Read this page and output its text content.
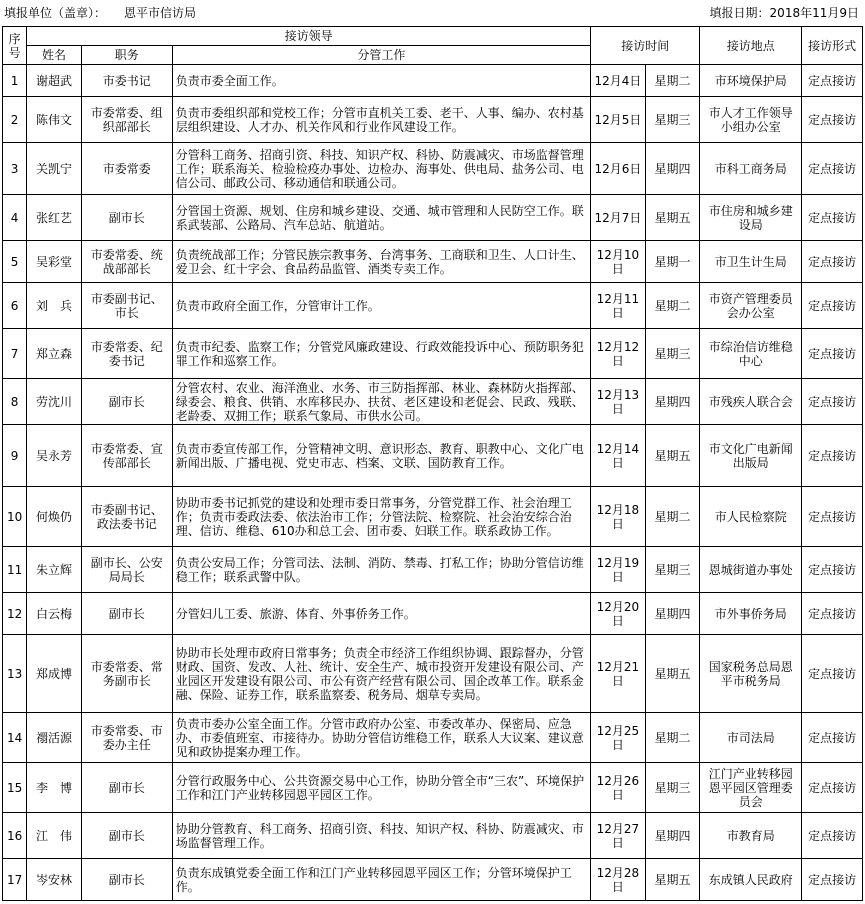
填报单位（盖章）： 恩平市信访局	填报日期：2018年11月9日
序号	接访领导			接访时间		接访地点	接访形式
	姓名	职务	分管工作				
1	谢超武	市委书记	负责市委全面工作。	12月4日	星期二	市环境保护局	定点接访
2	陈伟文	市委常委、组织部部长	负责市委组织部和党校工作；分管市直机关工委、老干、人事、编办、农村基层组织建设、人才办、机关作风和行业作风建设工作。	12月5日	星期三	市人才工作领导小组办公室	定点接访
3	关凯宁	市委常委	分管科工商务、招商引资、科技、知识产权、科协、防震减灾、市场监督管理工作；联系海关、检验检疫办事处、边检办、海事处、供电局、盐务公司、电信公司、邮政公司、移动通信和联通公司。	12月6日	星期四	市科工商务局	定点接访
4	张红艺	副市长	分管国土资源、规划、住房和城乡建设、交通、城市管理和人民防空工作。联系武装部、公路局、汽车总站、航道站。	12月7日	星期五	市住房和城乡建设局	定点接访
5	吴彩堂	市委常委、统战部部长	负责统战部工作；分管民族宗教事务、台湾事务、工商联和卫生、人口计生、爱卫会、红十字会、食品药品监管、酒类专卖工作。	12月10日	星期一	市卫生计生局	定点接访
6	刘　兵	市委副书记、市长	负责市政府全面工作，分管审计工作。	12月11日	星期二	市资产管理委员会办公室	定点接访
7	郑立森	市委常委、纪委书记	负责市纪委、监察工作；分管党风廉政建设、行政效能投诉中心、预防职务犯罪工作和巡察工作。	12月12日	星期三	市综治信访维稳中心	定点接访
8	劳沈川	副市长	分管农村、农业、海洋渔业、水务、市三防指挥部、林业、森林防火指挥部、绿委会、粮食、供销、水库移民办、扶贫、老区建设和老促会、民政、残联、老龄委、双拥工作；联系气象局、市供水公司。	12月13日	星期四	市残疾人联合会	定点接访
9	吴永芳	市委常委、宣传部部长	负责市委宣传部工作，分管精神文明、意识形态、教育、职教中心、文化广电新闻出版、广播电视、党史市志、档案、文联、国防教育工作。	12月14日	星期五	市文化广电新闻出版局	定点接访
10	何焕仍	市委副书记、政法委书记	协助市委书记抓党的建设和处理市委日常事务，分管党群工作、社会治理工作；负责市委政法委、依法治市工作；分管法院、检察院、社会治安综合治理、信访、维稳、610办和总工会、团市委、妇联工作。联系政协工作。	12月18日	星期二	市人民检察院	定点接访
11	朱立辉	副市长、公安局局长	负责公安局工作；分管司法、法制、消防、禁毒、打私工作；协助分管信访维稳工作；联系武警中队。	12月19日	星期三	恩城街道办事处	定点接访
12	白云梅	副市长	分管妇儿工委、旅游、体育、外事侨务工作。	12月20日	星期四	市外事侨务局	定点接访
13	郑成博	市委常委、常务副市长	协助市长处理市政府日常事务；负责全市经济工作组织协调、跟踪督办，分管财政、国资、发改、人社、统计、安全生产、城市投资开发建设有限公司、产业园区开发建设有限公司、市公有资产经营有限公司、国企改革工作。联系金融、保险、证券工作，联系监察委、税务局、烟草专卖局。	12月21日	星期五	国家税务总局恩平市税务局	定点接访
14	禤活源	市委常委、市委办主任	负责市委办公室全面工作。分管市政府办公室、市委改革办、保密局、应急办、市委值班室、市接待办。协助分管信访维稳工作，联系人大议案、建议意见和政协提案办理工作。	12月25日	星期二	市司法局	定点接访
15	李　博	副市长	分管行政服务中心、公共资源交易中心工作，协助分管全市“三农”、环境保护工作和江门产业转移园恩平园区工作。	12月26日	星期三	江门产业转移园恩平园区管理委员会	定点接访
16	江　伟	副市长	协助分管教育、科工商务、招商引资、科技、知识产权、科协、防震减灾、市场监督管理工作。	12月27日	星期四	市教育局	定点接访
17	岑安林	副市长	负责东成镇党委全面工作和江门产业转移园恩平园区工作；分管环境保护工作。	12月28日	星期五	东成镇人民政府	定点接访
